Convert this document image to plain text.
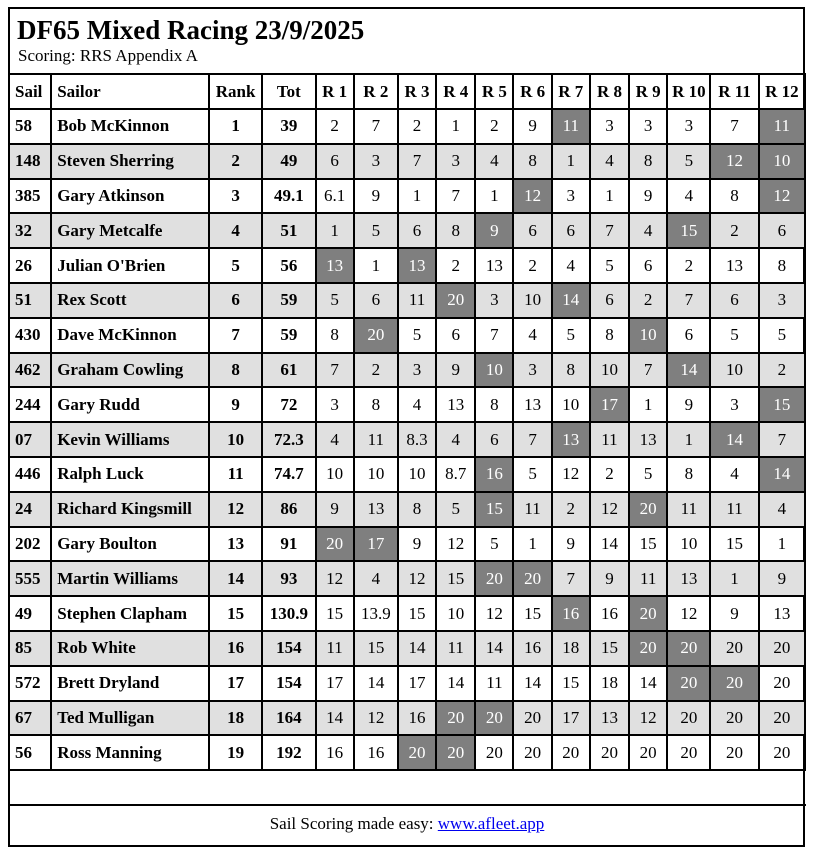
DF65 Mixed Racing 23/9/2025
Scoring: RRS Appendix A
Sail	Sailor	Rank	Tot	R 1	R 2	R 3	R 4	R 5	R 6	R 7	R 8	R 9	R 10	R 11	R 12
58	Bob McKinnon	1	39	2	7	2	1	2	9	11	3	3	3	7	11
148	Steven Sherring	2	49	6	3	7	3	4	8	1	4	8	5	12	10
385	Gary Atkinson	3	49.1	6.1	9	1	7	1	12	3	1	9	4	8	12
32	Gary Metcalfe	4	51	1	5	6	8	9	6	6	7	4	15	2	6
26	Julian O'Brien	5	56	13	1	13	2	13	2	4	5	6	2	13	8
51	Rex Scott	6	59	5	6	11	20	3	10	14	6	2	7	6	3
430	Dave McKinnon	7	59	8	20	5	6	7	4	5	8	10	6	5	5
462	Graham Cowling	8	61	7	2	3	9	10	3	8	10	7	14	10	2
244	Gary Rudd	9	72	3	8	4	13	8	13	10	17	1	9	3	15
07	Kevin Williams	10	72.3	4	11	8.3	4	6	7	13	11	13	1	14	7
446	Ralph Luck	11	74.7	10	10	10	8.7	16	5	12	2	5	8	4	14
24	Richard Kingsmill	12	86	9	13	8	5	15	11	2	12	20	11	11	4
202	Gary Boulton	13	91	20	17	9	12	5	1	9	14	15	10	15	1
555	Martin Williams	14	93	12	4	12	15	20	20	7	9	11	13	1	9
49	Stephen Clapham	15	130.9	15	13.9	15	10	12	15	16	16	20	12	9	13
85	Rob White	16	154	11	15	14	11	14	16	18	15	20	20	20	20
572	Brett Dryland	17	154	17	14	17	14	11	14	15	18	14	20	20	20
67	Ted Mulligan	18	164	14	12	16	20	20	20	17	13	12	20	20	20
56	Ross Manning	19	192	16	16	20	20	20	20	20	20	20	20	20	20
Sail Scoring made easy: www.afleet.app
